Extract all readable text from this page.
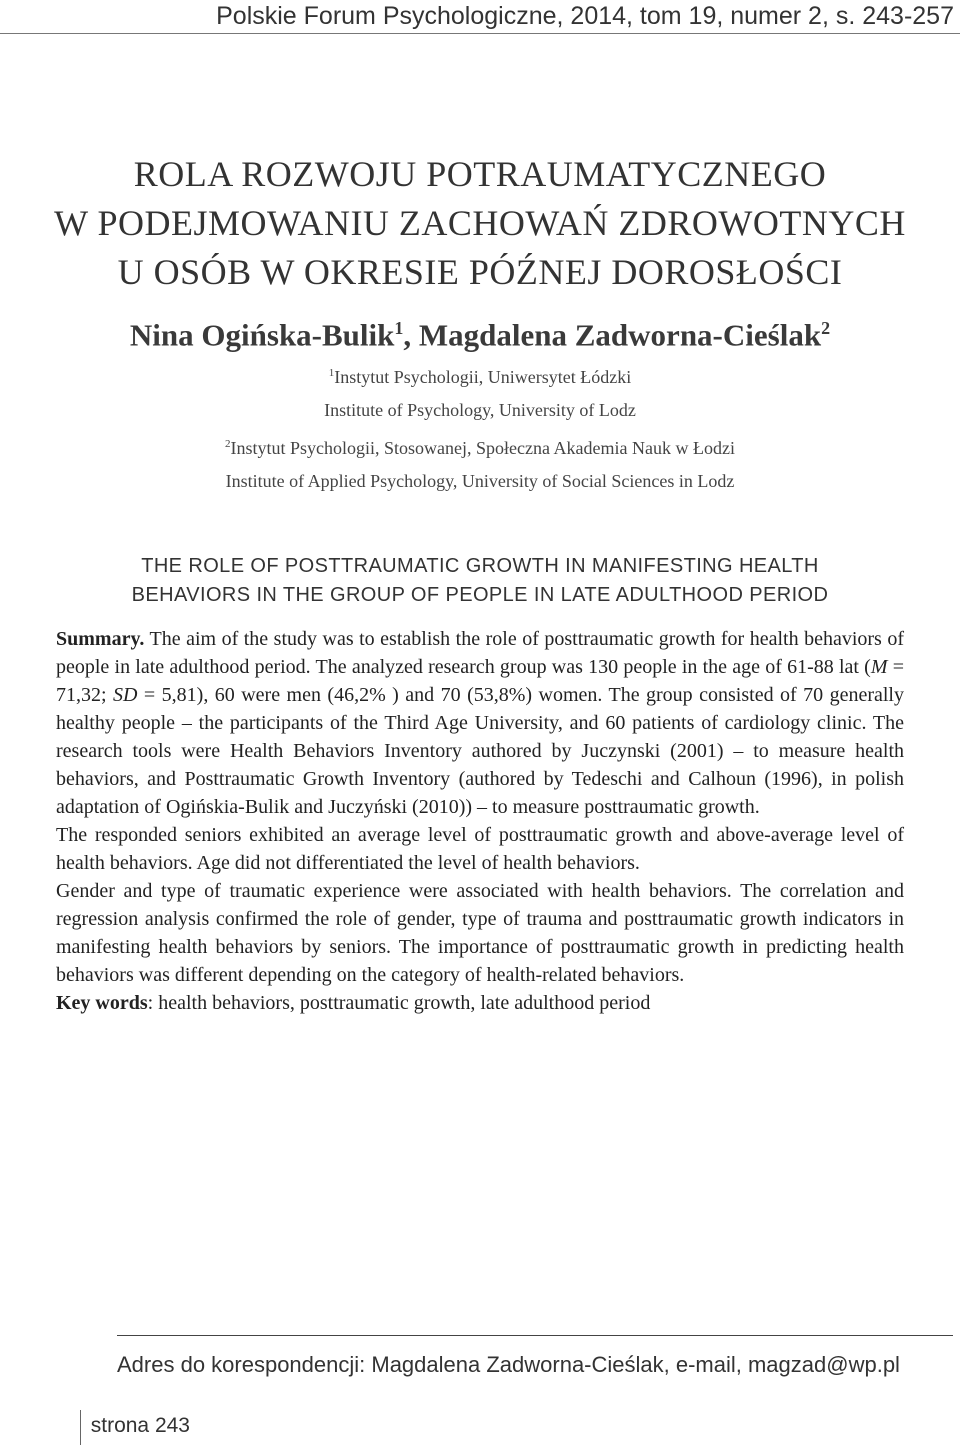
Polskie Forum Psychologiczne, 2014, tom 19, numer 2, s. 243-257
ROLA ROZWOJU POTRAUMATYCZNEGO
W PODEJMOWANIU ZACHOWAŃ ZDROWOTNYCH
U OSÓB W OKRESIE PÓŹNEJ DOROSŁOŚCI
Nina Ogińska-Bulik$^1$, Magdalena Zadworna-Cieślak$^2$
$^1$Instytut Psychologii, Uniwersytet Łódzki
Institute of Psychology, University of Lodz
$^2$Instytut Psychologii, Stosowanej, Społeczna Akademia Nauk w Łodzi
Institute of Applied Psychology, University of Social Sciences in Lodz
THE ROLE OF POSTTRAUMATIC GROWTH IN MANIFESTING HEALTH
BEHAVIORS IN THE GROUP OF PEOPLE IN LATE ADULTHOOD PERIOD

Summary. The aim of the study was to establish the role of posttraumatic growth for health behaviors of people in late adulthood period. The analyzed research group was 130 people in the age of 61-88 lat (M = 71,32; SD = 5,81), 60 were men (46,2% ) and 70 (53,8%) women. The group consisted of 70 generally healthy people – the participants of the Third Age University, and 60 patients of cardiology clinic. The research tools were Health Behaviors Inventory authored by Juczynski (2001) – to measure health behaviors, and Posttraumatic Growth Inventory (authored by Tedeschi and Calhoun (1996), in polish adaptation of Ogińskia-Bulik and Juczyński (2010)) – to measure posttraumatic growth.

The responded seniors exhibited an average level of posttraumatic growth and above-average level of health behaviors. Age did not differentiated the level of health behaviors.

Gender and type of traumatic experience were associated with health behaviors. The correlation and regression analysis confirmed the role of gender, type of trauma and posttraumatic growth indicators in manifesting health behaviors by seniors. The importance of posttraumatic growth in predicting health behaviors was different depending on the category of health-related behaviors.

Key words: health behaviors, posttraumatic growth, late adulthood period

Adres do korespondencji: Magdalena Zadworna-Cieślak, e-mail, magzad@wp.pl
strona 243
